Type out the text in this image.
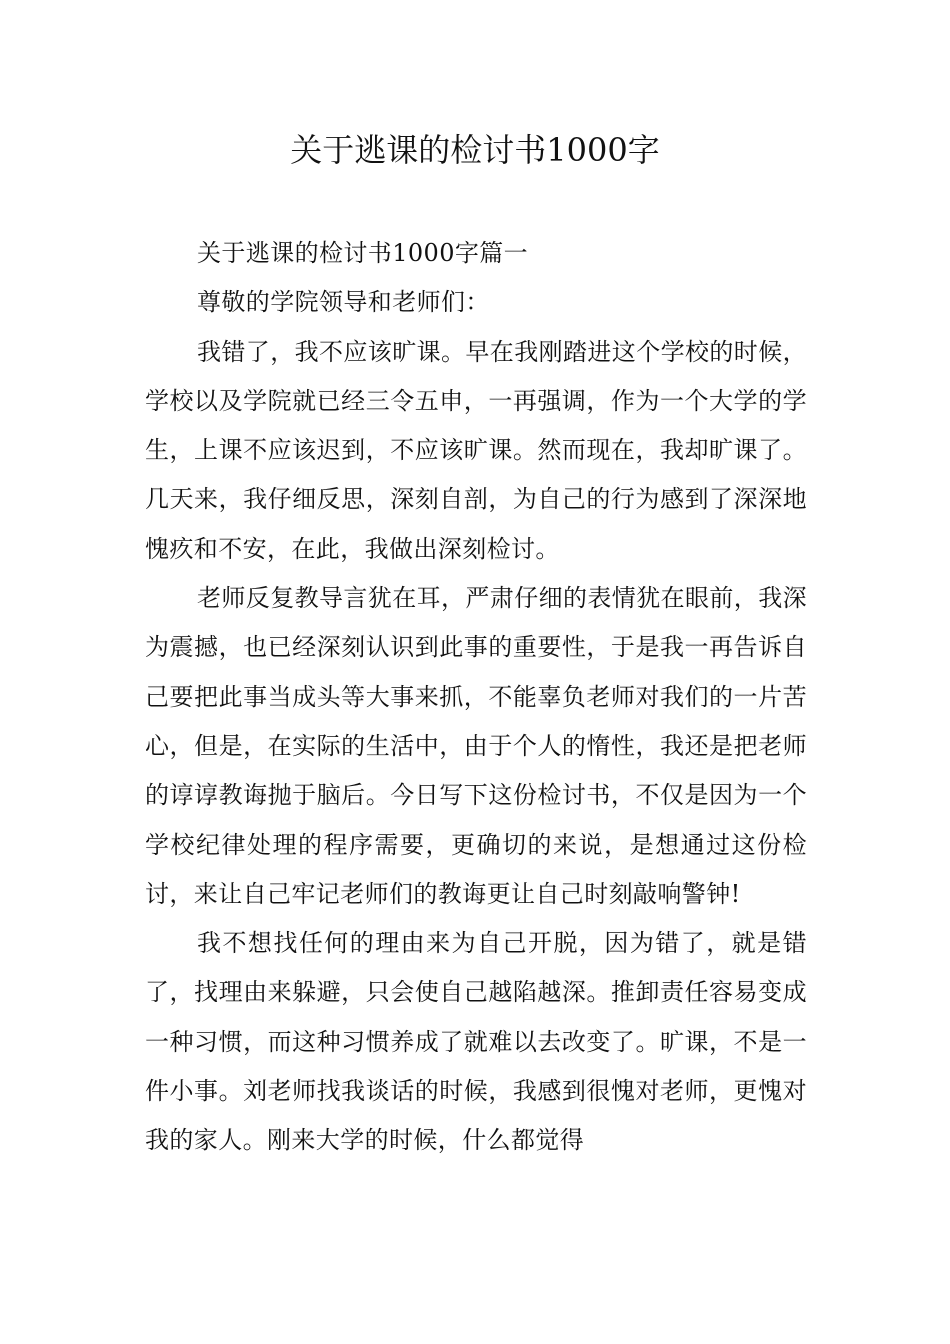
关于逃课的检讨书1000字

关于逃课的检讨书1000字篇一

尊敬的学院领导和老师们：

我错了，我不应该旷课。早在我刚踏进这个学校的时候，学校以及学院就已经三令五申，一再强调，作为一个大学的学生，上课不应该迟到，不应该旷课。然而现在，我却旷课了。几天来，我仔细反思，深刻自剖，为自己的行为感到了深深地愧疚和不安，在此，我做出深刻检讨。

老师反复教导言犹在耳，严肃仔细的表情犹在眼前，我深为震撼，也已经深刻认识到此事的重要性，于是我一再告诉自己要把此事当成头等大事来抓，不能辜负老师对我们的一片苦心，但是，在实际的生活中，由于个人的惰性，我还是把老师的谆谆教诲抛于脑后。今日写下这份检讨书，不仅是因为一个学校纪律处理的程序需要，更确切的来说，是想通过这份检讨，来让自己牢记老师们的教诲更让自己时刻敲响警钟!

我不想找任何的理由来为自己开脱，因为错了，就是错了，找理由来躲避，只会使自己越陷越深。推卸责任容易变成一种习惯，而这种习惯养成了就难以去改变了。旷课，不是一件小事。刘老师找我谈话的时候，我感到很愧对老师，更愧对我的家人。刚来大学的时候，什么都觉得
